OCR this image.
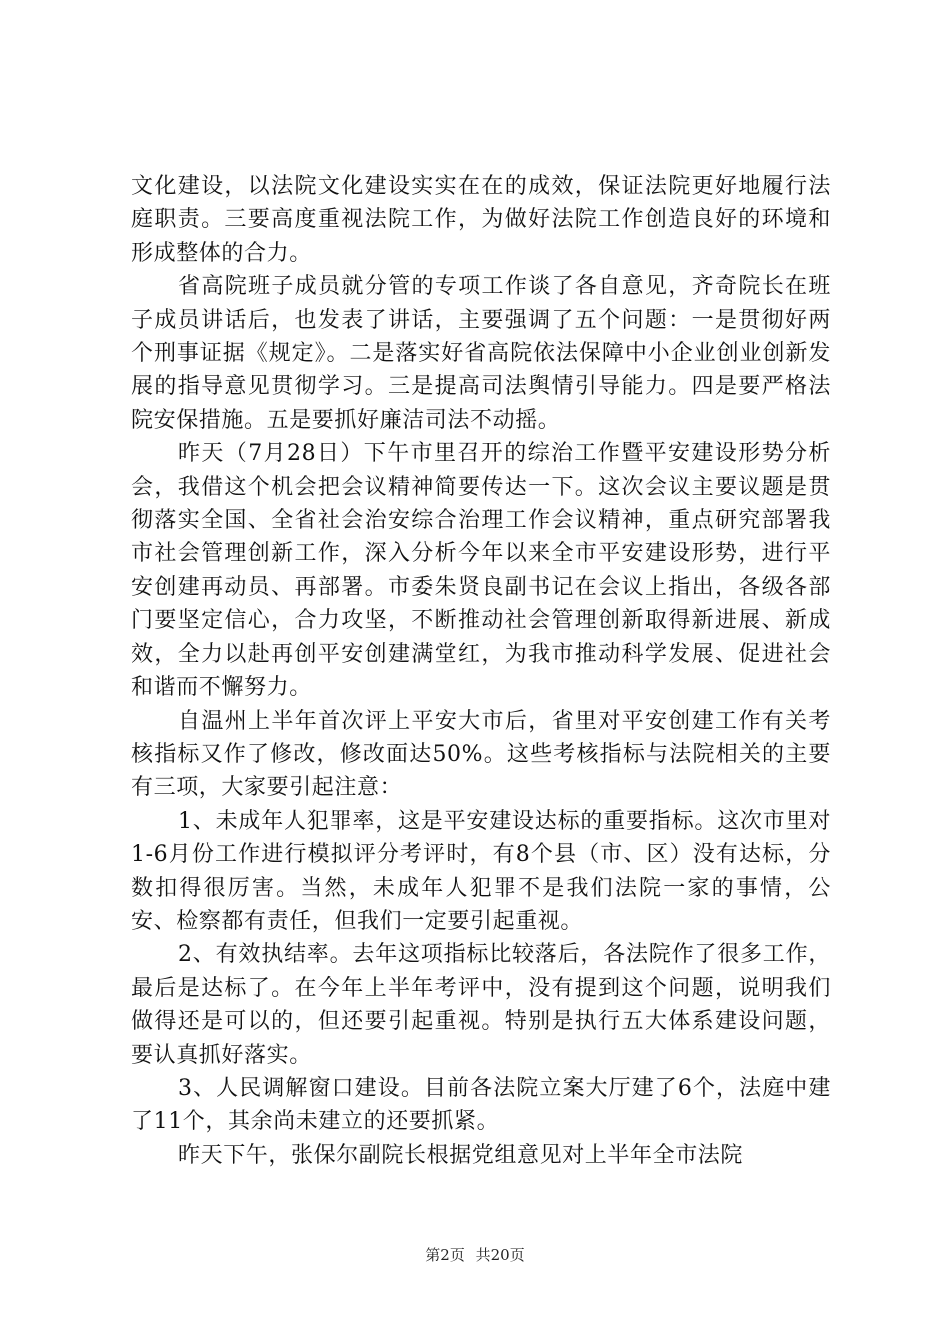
文化建设，以法院文化建设实实在在的成效，保证法院更好地履行法庭职责。三要高度重视法院工作，为做好法院工作创造良好的环境和形成整体的合力。

省高院班子成员就分管的专项工作谈了各自意见，齐奇院长在班子成员讲话后，也发表了讲话，主要强调了五个问题：一是贯彻好两个刑事证据《规定》。二是落实好省高院依法保障中小企业创业创新发展的指导意见贯彻学习。三是提高司法舆情引导能力。四是要严格法院安保措施。五是要抓好廉洁司法不动摇。

昨天（7月28日）下午市里召开的综治工作暨平安建设形势分析会，我借这个机会把会议精神简要传达一下。这次会议主要议题是贯彻落实全国、全省社会治安综合治理工作会议精神，重点研究部署我市社会管理创新工作，深入分析今年以来全市平安建设形势，进行平安创建再动员、再部署。市委朱贤良副书记在会议上指出，各级各部门要坚定信心，合力攻坚，不断推动社会管理创新取得新进展、新成效，全力以赴再创平安创建满堂红，为我市推动科学发展、促进社会和谐而不懈努力。

自温州上半年首次评上平安大市后，省里对平安创建工作有关考核指标又作了修改，修改面达50%。这些考核指标与法院相关的主要有三项，大家要引起注意：

1、未成年人犯罪率，这是平安建设达标的重要指标。这次市里对1-6月份工作进行模拟评分考评时，有8个县（市、区）没有达标，分数扣得很厉害。当然，未成年人犯罪不是我们法院一家的事情，公安、检察都有责任，但我们一定要引起重视。

2、有效执结率。去年这项指标比较落后，各法院作了很多工作，最后是达标了。在今年上半年考评中，没有提到这个问题，说明我们做得还是可以的，但还要引起重视。特别是执行五大体系建设问题，要认真抓好落实。

3、人民调解窗口建设。目前各法院立案大厅建了6个，法庭中建了11个，其余尚未建立的还要抓紧。

昨天下午，张保尔副院长根据党组意见对上半年全市法院

第2页 共20页
